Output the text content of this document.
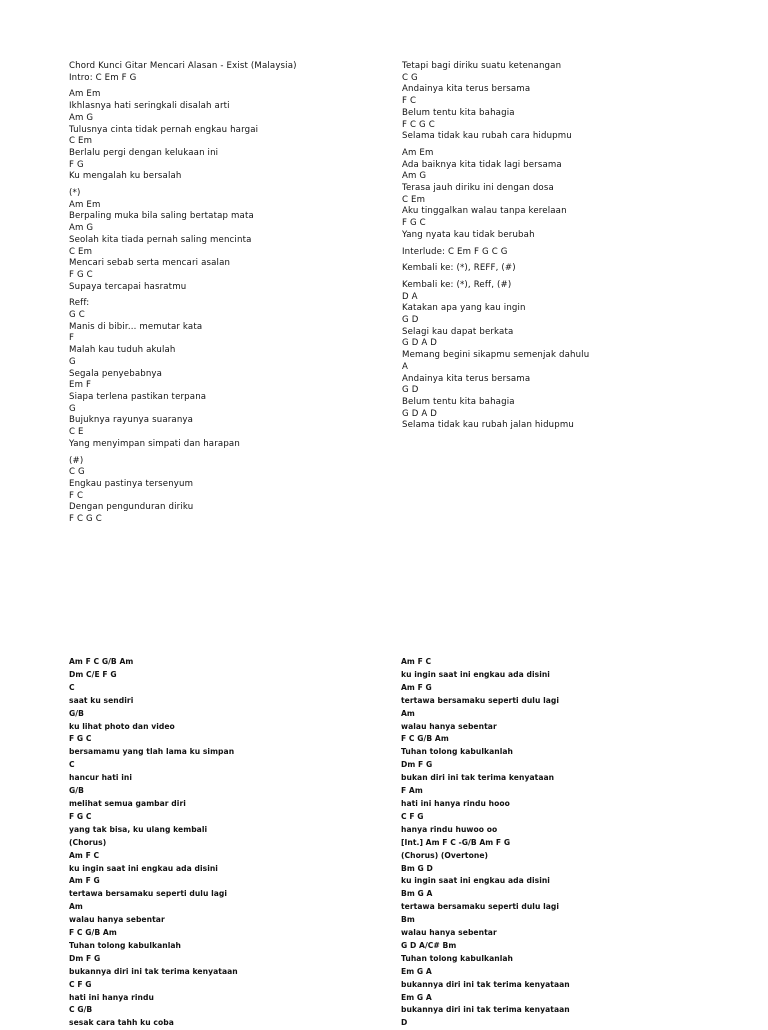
Chord Kunci Gitar Mencari Alasan - Exist (Malaysia)
Intro: C Em F G
Am Em
Ikhlasnya hati seringkali disalah arti
Am G
Tulusnya cinta tidak pernah engkau hargai
C Em
Berlalu pergi dengan kelukaan ini
F G
Ku mengalah ku bersalah
(*)
Am Em
Berpaling muka bila saling bertatap mata
Am G
Seolah kita tiada pernah saling mencinta
C Em
Mencari sebab serta mencari asalan
F G C
Supaya tercapai hasratmu
Reff:
G C
Manis di bibir... memutar kata
F
Malah kau tuduh akulah
G
Segala penyebabnya
Em F
Siapa terlena pastikan terpana
G
Bujuknya rayunya suaranya
C E
Yang menyimpan simpati dan harapan
(#)
C G
Engkau pastinya tersenyum
F C
Dengan pengunduran diriku
F C G C
Tetapi bagi diriku suatu ketenangan
C G
Andainya kita terus bersama
F C
Belum tentu kita bahagia
F C G C
Selama tidak kau rubah cara hidupmu
Am Em
Ada baiknya kita tidak lagi bersama
Am G
Terasa jauh diriku ini dengan dosa
C Em
Aku tinggalkan walau tanpa kerelaan
F G C
Yang nyata kau tidak berubah
Interlude: C Em F G C G
Kembali ke: (*), REFF, (#)
Kembali ke: (*), Reff, (#)
D A
Katakan apa yang kau ingin
G D
Selagi kau dapat berkata
G D A D
Memang begini sikapmu semenjak dahulu
A
Andainya kita terus bersama
G D
Belum tentu kita bahagia
G D A D
Selama tidak kau rubah jalan hidupmu
Am F C G/B Am
Dm C/E F G
C
saat ku sendiri
G/B
ku lihat photo dan video
F G C
bersamamu yang tlah lama ku simpan
C
hancur hati ini
G/B
melihat semua gambar diri
F G C
yang tak bisa, ku ulang kembali
(Chorus)
Am F C
ku ingin saat ini engkau ada disini
Am F G
tertawa bersamaku seperti dulu lagi
Am
walau hanya sebentar
F C G/B Am
Tuhan tolong kabulkanlah
Dm F G
bukannya diri ini tak terima kenyataan
C F G
hati ini hanya rindu
C G/B
sesak cara tahh ku coba
Am F C
ku ingin saat ini engkau ada disini
Am F G
tertawa bersamaku seperti dulu lagi
Am
walau hanya sebentar
F C G/B Am
Tuhan tolong kabulkanlah
Dm F G
bukan diri ini tak terima kenyataan
F Am
hati ini hanya rindu hooo
C F G
hanya rindu huwoo oo
[Int.] Am F C -G/B Am F G
(Chorus) (Overtone)
Bm G D
ku ingin saat ini engkau ada disini
Bm G A
tertawa bersamaku seperti dulu lagi
Bm
walau hanya sebentar
G D A/C# Bm
Tuhan tolong kabulkanlah
Em G A
bukannya diri ini tak terima kenyataan
Em G A
bukannya diri ini tak terima kenyataan
D
